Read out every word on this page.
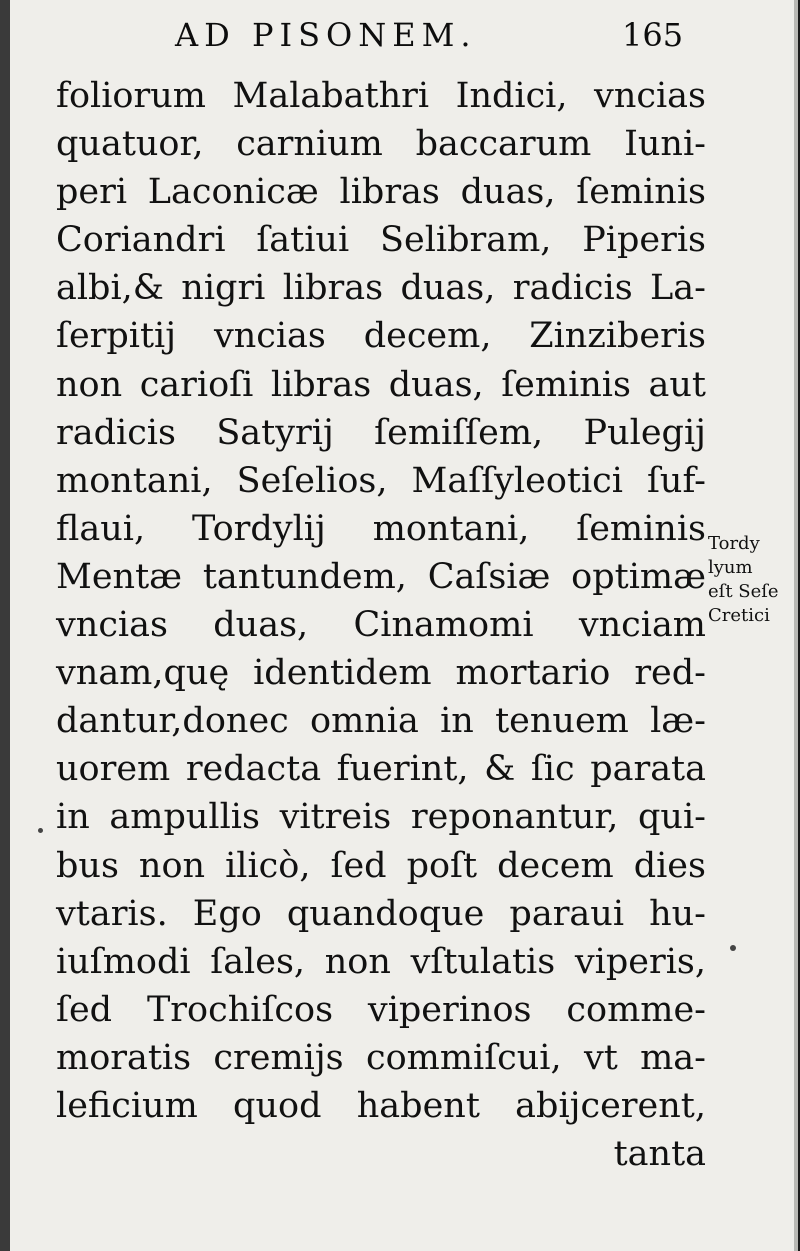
AD PISONEM.	165
foliorum Malabathri Indici, vncias
quatuor, carnium baccarum Iuni-
peri Laconicæ libras duas, ſeminis
Coriandri ſatiui Selibram, Piperis
albi,& nigri libras duas, radicis La-
ſerpitij vncias decem, Zinziberis
non carioſi libras duas, ſeminis aut
radicis Satyrij ſemiſſem, Pulegij
montani, Seſelios, Maſſyleotici ſuf-
flaui, Tordylij montani, ſeminis
Mentæ tantundem, Caſsiæ optimæ
vncias duas, Cinamomi vnciam
vnam,quę identidem mortario red-
dantur,donec omnia in tenuem læ-
uorem redacta fuerint, & ſic parata
in ampullis vitreis reponantur, qui-
bus non ilicò, ſed poſt decem dies
vtaris. Ego quandoque paraui hu-
iuſmodi ſales, non vſtulatis viperis,
ſed Trochiſcos viperinos comme-
moratis cremijs commiſcui, vt ma-
leficium quod habent abijcerent,
tanta
Tordy
lyum
eſt Seſe
Cretici
